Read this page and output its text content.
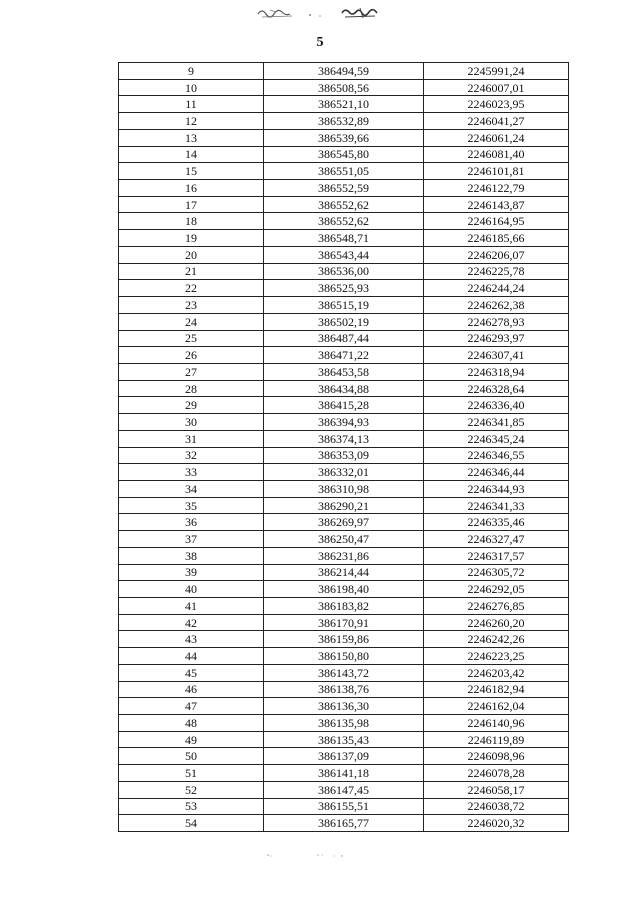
5
9	386494,59	2245991,24
10	386508,56	2246007,01
11	386521,10	2246023,95
12	386532,89	2246041,27
13	386539,66	2246061,24
14	386545,80	2246081,40
15	386551,05	2246101,81
16	386552,59	2246122,79
17	386552,62	2246143,87
18	386552,62	2246164,95
19	386548,71	2246185,66
20	386543,44	2246206,07
21	386536,00	2246225,78
22	386525,93	2246244,24
23	386515,19	2246262,38
24	386502,19	2246278,93
25	386487,44	2246293,97
26	386471,22	2246307,41
27	386453,58	2246318,94
28	386434,88	2246328,64
29	386415,28	2246336,40
30	386394,93	2246341,85
31	386374,13	2246345,24
32	386353,09	2246346,55
33	386332,01	2246346,44
34	386310,98	2246344,93
35	386290,21	2246341,33
36	386269,97	2246335,46
37	386250,47	2246327,47
38	386231,86	2246317,57
39	386214,44	2246305,72
40	386198,40	2246292,05
41	386183,82	2246276,85
42	386170,91	2246260,20
43	386159,86	2246242,26
44	386150,80	2246223,25
45	386143,72	2246203,42
46	386138,76	2246182,94
47	386136,30	2246162,04
48	386135,98	2246140,96
49	386135,43	2246119,89
50	386137,09	2246098,96
51	386141,18	2246078,28
52	386147,45	2246058,17
53	386155,51	2246038,72
54	386165,77	2246020,32
